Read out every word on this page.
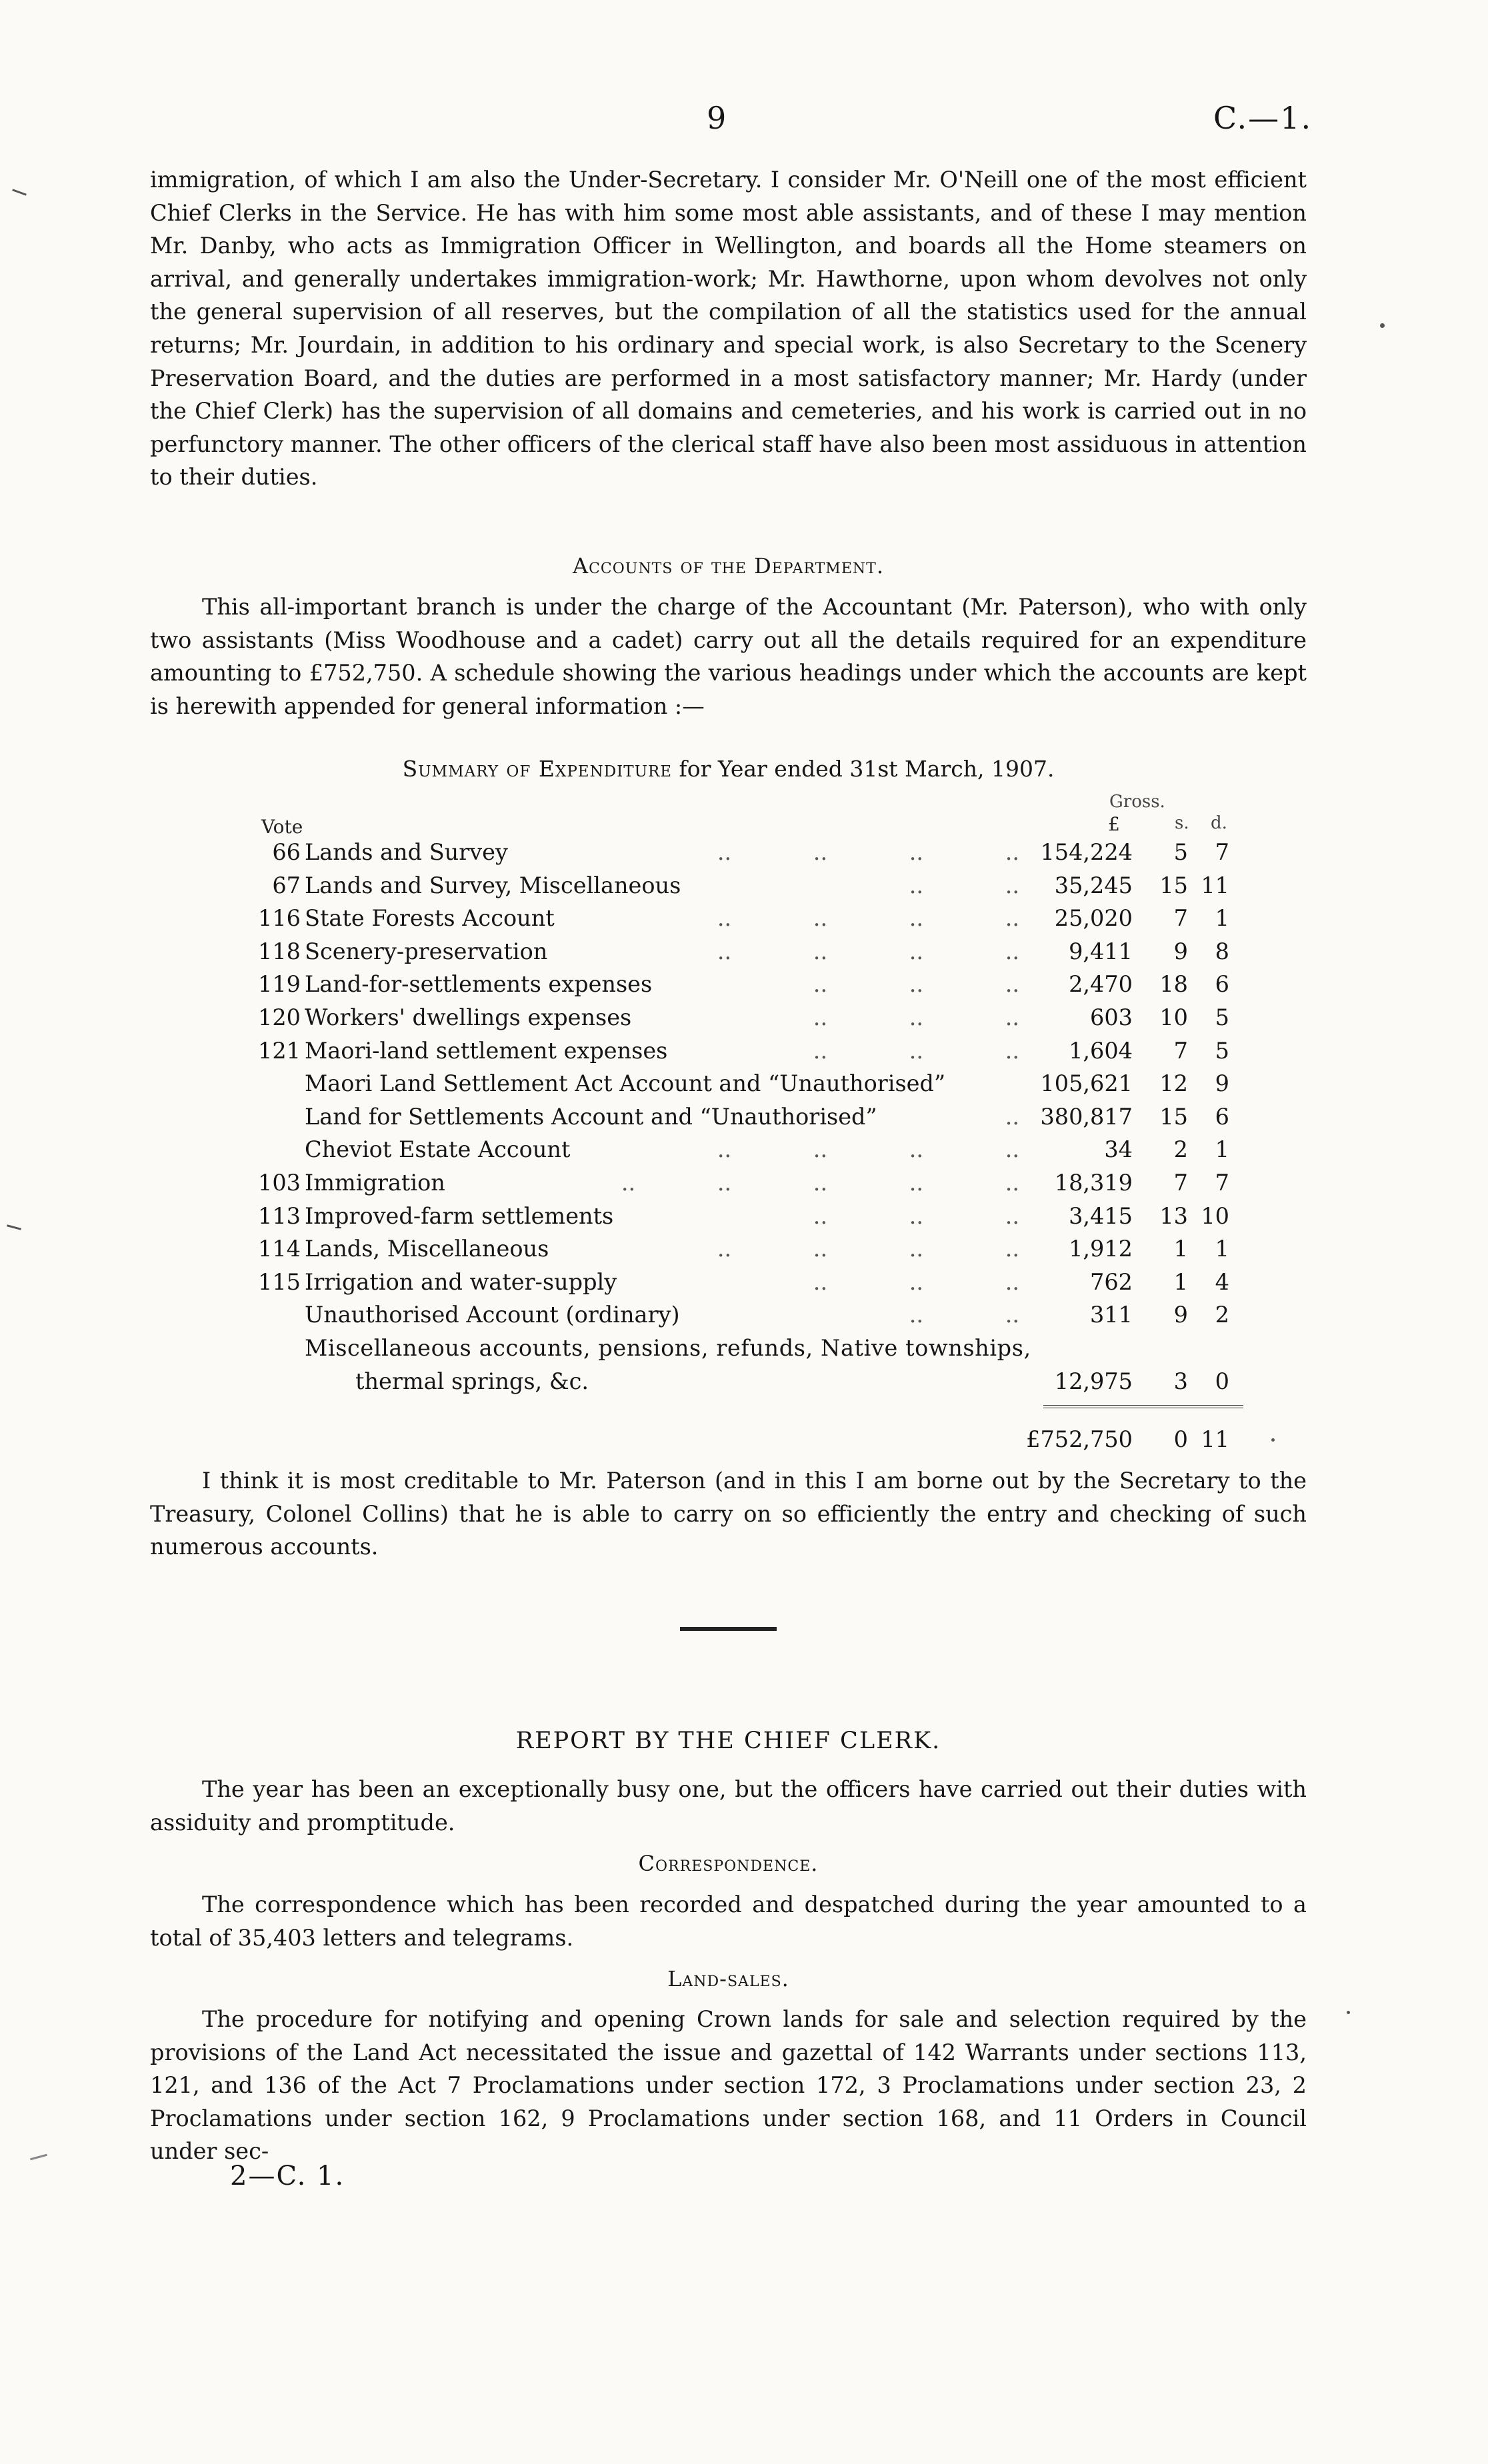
9	C.—1.

immigration, of which I am also the Under-Secretary. I consider Mr. O'Neill one of the most efficient Chief Clerks in the Service. He has with him some most able assistants, and of these I may mention Mr. Danby, who acts as Immigration Officer in Wellington, and boards all the Home steamers on arrival, and generally undertakes immigration-work; Mr. Hawthorne, upon whom devolves not only the general supervision of all reserves, but the compilation of all the statistics used for the annual returns; Mr. Jourdain, in addition to his ordinary and special work, is also Secretary to the Scenery Preservation Board, and the duties are performed in a most satisfactory manner; Mr. Hardy (under the Chief Clerk) has the supervision of all domains and cemeteries, and his work is carried out in no perfunctory manner. The other officers of the clerical staff have also been most assiduous in attention to their duties.

Accounts of the Department.

This all-important branch is under the charge of the Accountant (Mr. Paterson), who with only two assistants (Miss Woodhouse and a cadet) carry out all the details required for an expenditure amounting to £752,750. A schedule showing the various headings under which the accounts are kept is herewith appended for general information :—

Summary of Expenditure for Year ended 31st March, 1907.
Gross.
Vote	£	s. d.
66 Lands and Survey	.. .. .. .. 154,224	5	7
67 Lands and Survey, Miscellaneous	.. ..	35,245	15 11
116 State Forests Account	.. .. .. ..	25,020	7	1
118 Scenery-preservation	.. .. .. ..	9,411	9	8
119 Land-for-settlements expenses	.. .. ..	2,470	18	6
120 Workers' dwellings expenses	.. .. ..	603	10	5
121 Maori-land settlement expenses	.. .. ..	1,604	7	5
Maori Land Settlement Act Account and “Unauthorised”	105,621	12	9
Land for Settlements Account and “Unauthorised”	.. 380,817	15	6
Cheviot Estate Account	.. .. .. ..	34	2	1
103 Immigration	.. .. .. .. ..	18,319	7	7
113 Improved-farm settlements	.. .. ..	3,415	13 10
114 Lands, Miscellaneous	.. .. .. ..	1,912	1	1
115 Irrigation and water-supply	.. .. ..	762	1	4
Unauthorised Account (ordinary)	.. ..	311	9	2
Miscellaneous accounts, pensions, refunds, Native townships,
thermal springs, &c.	12,975	3	0
£752,750	0 11

I think it is most creditable to Mr. Paterson (and in this I am borne out by the Secretary to the Treasury, Colonel Collins) that he is able to carry on so efficiently the entry and checking of such numerous accounts.

REPORT BY THE CHIEF CLERK.

The year has been an exceptionally busy one, but the officers have carried out their duties with assiduity and promptitude.

Correspondence.

The correspondence which has been recorded and despatched during the year amounted to a total of 35,403 letters and telegrams.

Land-sales.

The procedure for notifying and opening Crown lands for sale and selection required by the provisions of the Land Act necessitated the issue and gazettal of 142 Warrants under sections 113, 121, and 136 of the Act 7 Proclamations under section 172, 3 Proclamations under section 23, 2 Proclamations under section 162, 9 Proclamations under section 168, and 11 Orders in Council under sec-

2—C. 1.
